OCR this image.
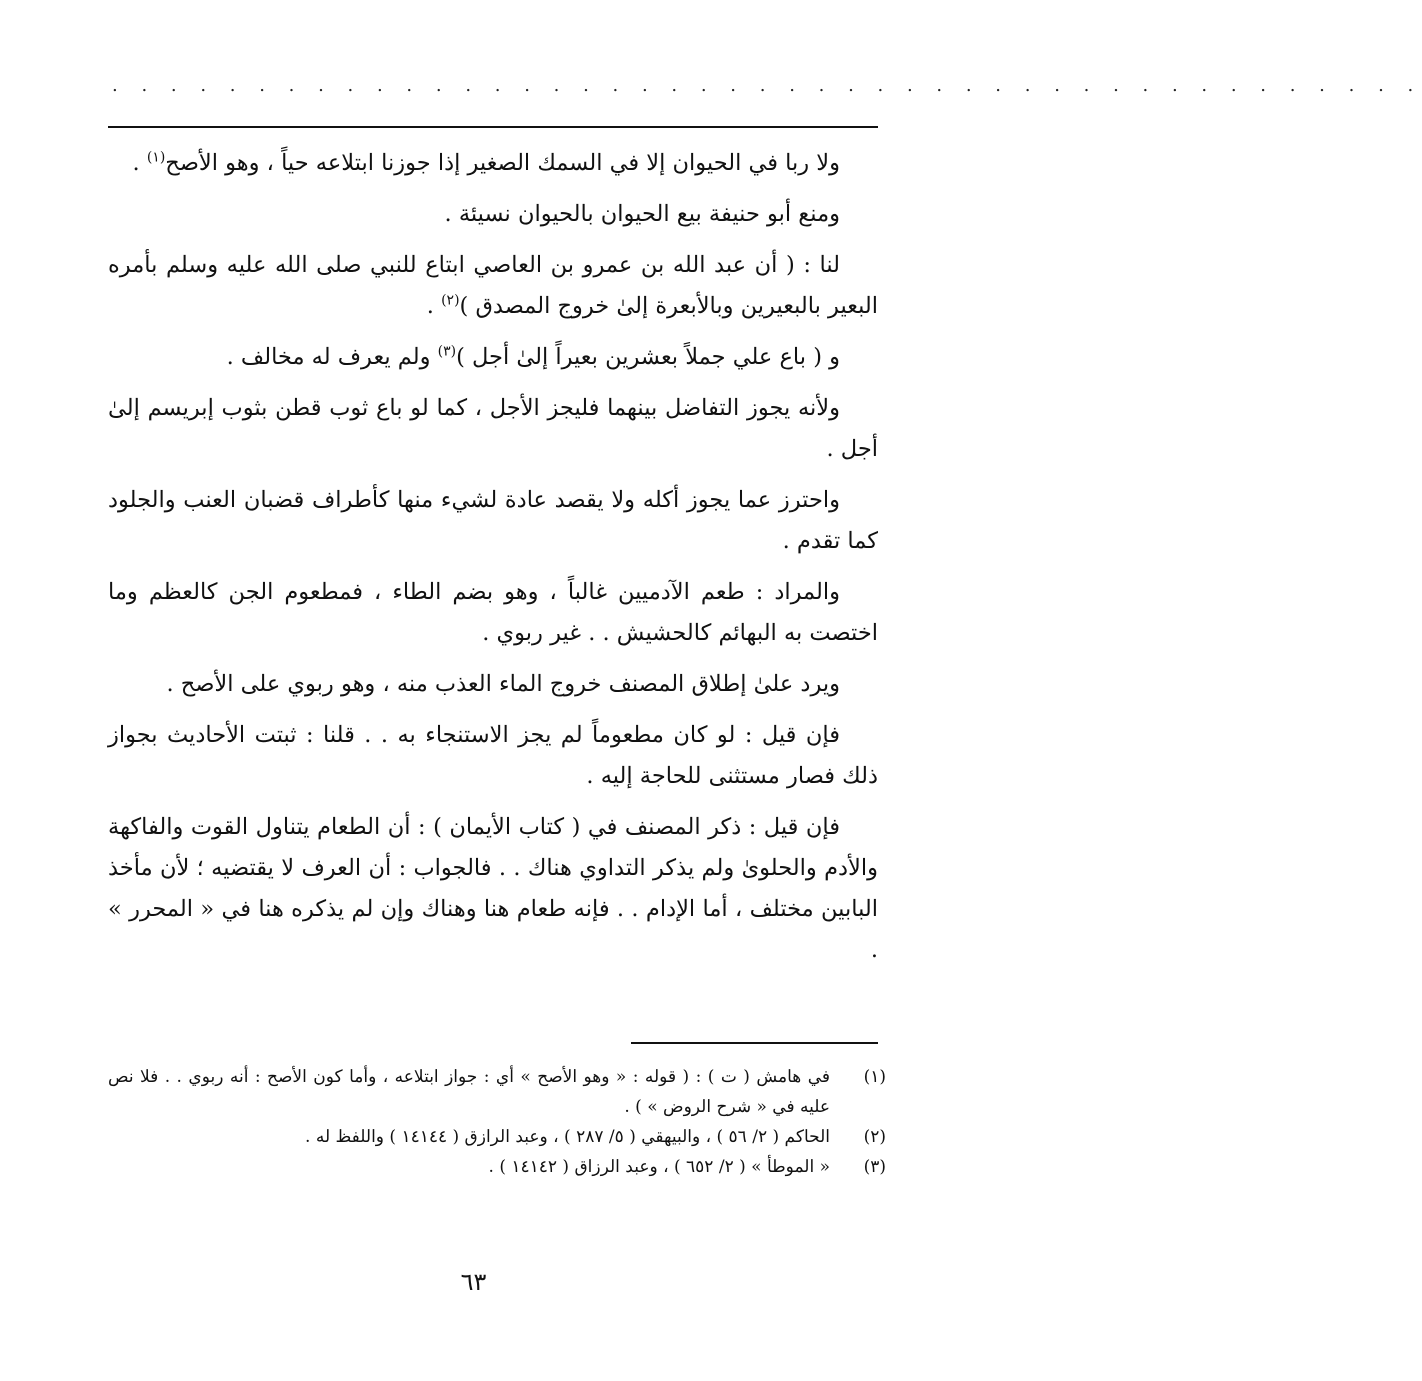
. . . . . . . . . . . . . . . . . . . . . . . . . . . . . . . . . . . . . . . . . . . . .

ولا ربا في الحيوان إلا في السمك الصغير إذا جوزنا ابتلاعه حياً ، وهو الأصح$^{(١)}$ .

ومنع أبو حنيفة بيع الحيوان بالحيوان نسيئة .

لنا : ( أن عبد الله بن عمرو بن العاصي ابتاع للنبي صلى الله عليه وسلم بأمره البعير بالبعيرين وبالأبعرة إلىٰ خروج المصدق )$^{(٢)}$ .

و ( باع علي جملاً بعشرين بعيراً إلىٰ أجل )$^{(٣)}$ ولم يعرف له مخالف .

ولأنه يجوز التفاضل بينهما فليجز الأجل ، كما لو باع ثوب قطن بثوب إبريسم إلىٰ أجل .

واحترز عما يجوز أكله ولا يقصد عادة لشيء منها كأطراف قضبان العنب والجلود كما تقدم .

والمراد : طعم الآدميين غالباً ، وهو بضم الطاء ، فمطعوم الجن كالعظم وما اختصت به البهائم كالحشيش . . غير ربوي .

ويرد علىٰ إطلاق المصنف خروج الماء العذب منه ، وهو ربوي على الأصح .

فإن قيل : لو كان مطعوماً لم يجز الاستنجاء به . . قلنا : ثبتت الأحاديث بجواز ذلك فصار مستثنى للحاجة إليه .

فإن قيل : ذكر المصنف في ( كتاب الأيمان ) : أن الطعام يتناول القوت والفاكهة والأدم والحلوىٰ ولم يذكر التداوي هناك . . فالجواب : أن العرف لا يقتضيه ؛ لأن مأخذ البابين مختلف ، أما الإدام . . فإنه طعام هنا وهناك وإن لم يذكره هنا في « المحرر » .

(١)
في هامش ( ت ) : ( قوله : « وهو الأصح » أي : جواز ابتلاعه ، وأما كون الأصح : أنه ربوي . . فلا نص عليه في « شرح الروض » ) .
(٢)
الحاكم ( ٢/ ٥٦ ) ، والبيهقي ( ٥/ ٢٨٧ ) ، وعبد الرازق ( ١٤١٤٤ ) واللفظ له .
(٣)
« الموطأ » ( ٢/ ٦٥٢ ) ، وعبد الرزاق ( ١٤١٤٢ ) .
٦٣
